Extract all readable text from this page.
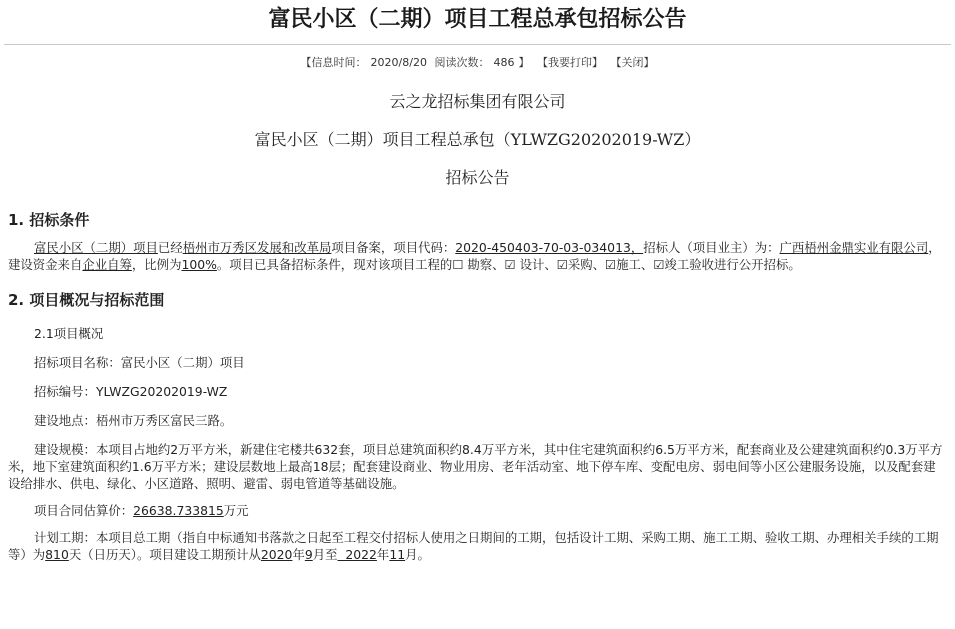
富民小区（二期）项目工程总承包招标公告
【信息时间： 2020/8/20 阅读次数： 486 】 【我要打印】 【关闭】
云之龙招标集团有限公司
富民小区（二期）项目工程总承包（YLWZG20202019-WZ）
招标公告
1. 招标条件
富民小区（二期）项目已经梧州市万秀区发展和改革局项目备案，项目代码：2020-450403-70-03-034013，招标人（项目业主）为：广西梧州金鼎实业有限公司，建设资金来自企业自筹，比例为100%。项目已具备招标条件，现对该项目工程的☐ 勘察、☑ 设计、☑采购、☑施工、☑竣工验收进行公开招标。
2. 项目概况与招标范围
2.1项目概况
招标项目名称：富民小区（二期）项目
招标编号：YLWZG20202019-WZ
建设地点：梧州市万秀区富民三路。
建设规模：本项目占地约2万平方米，新建住宅楼共632套，项目总建筑面积约8.4万平方米，其中住宅建筑面积约6.5万平方米，配套商业及公建建筑面积约0.3万平方米，地下室建筑面积约1.6万平方米；建设层数地上最高18层；配套建设商业、物业用房、老年活动室、地下停车库、变配电房、弱电间等小区公建服务设施，以及配套建设给排水、供电、绿化、小区道路、照明、避雷、弱电管道等基础设施。
项目合同估算价：26638.733815万元
计划工期：本项目总工期（指自中标通知书落款之日起至工程交付招标人使用之日期间的工期，包括设计工期、采购工期、施工工期、验收工期、办理相关手续的工期等）为810天（日历天）。项目建设工期预计从2020年9月至  2022年11月。
